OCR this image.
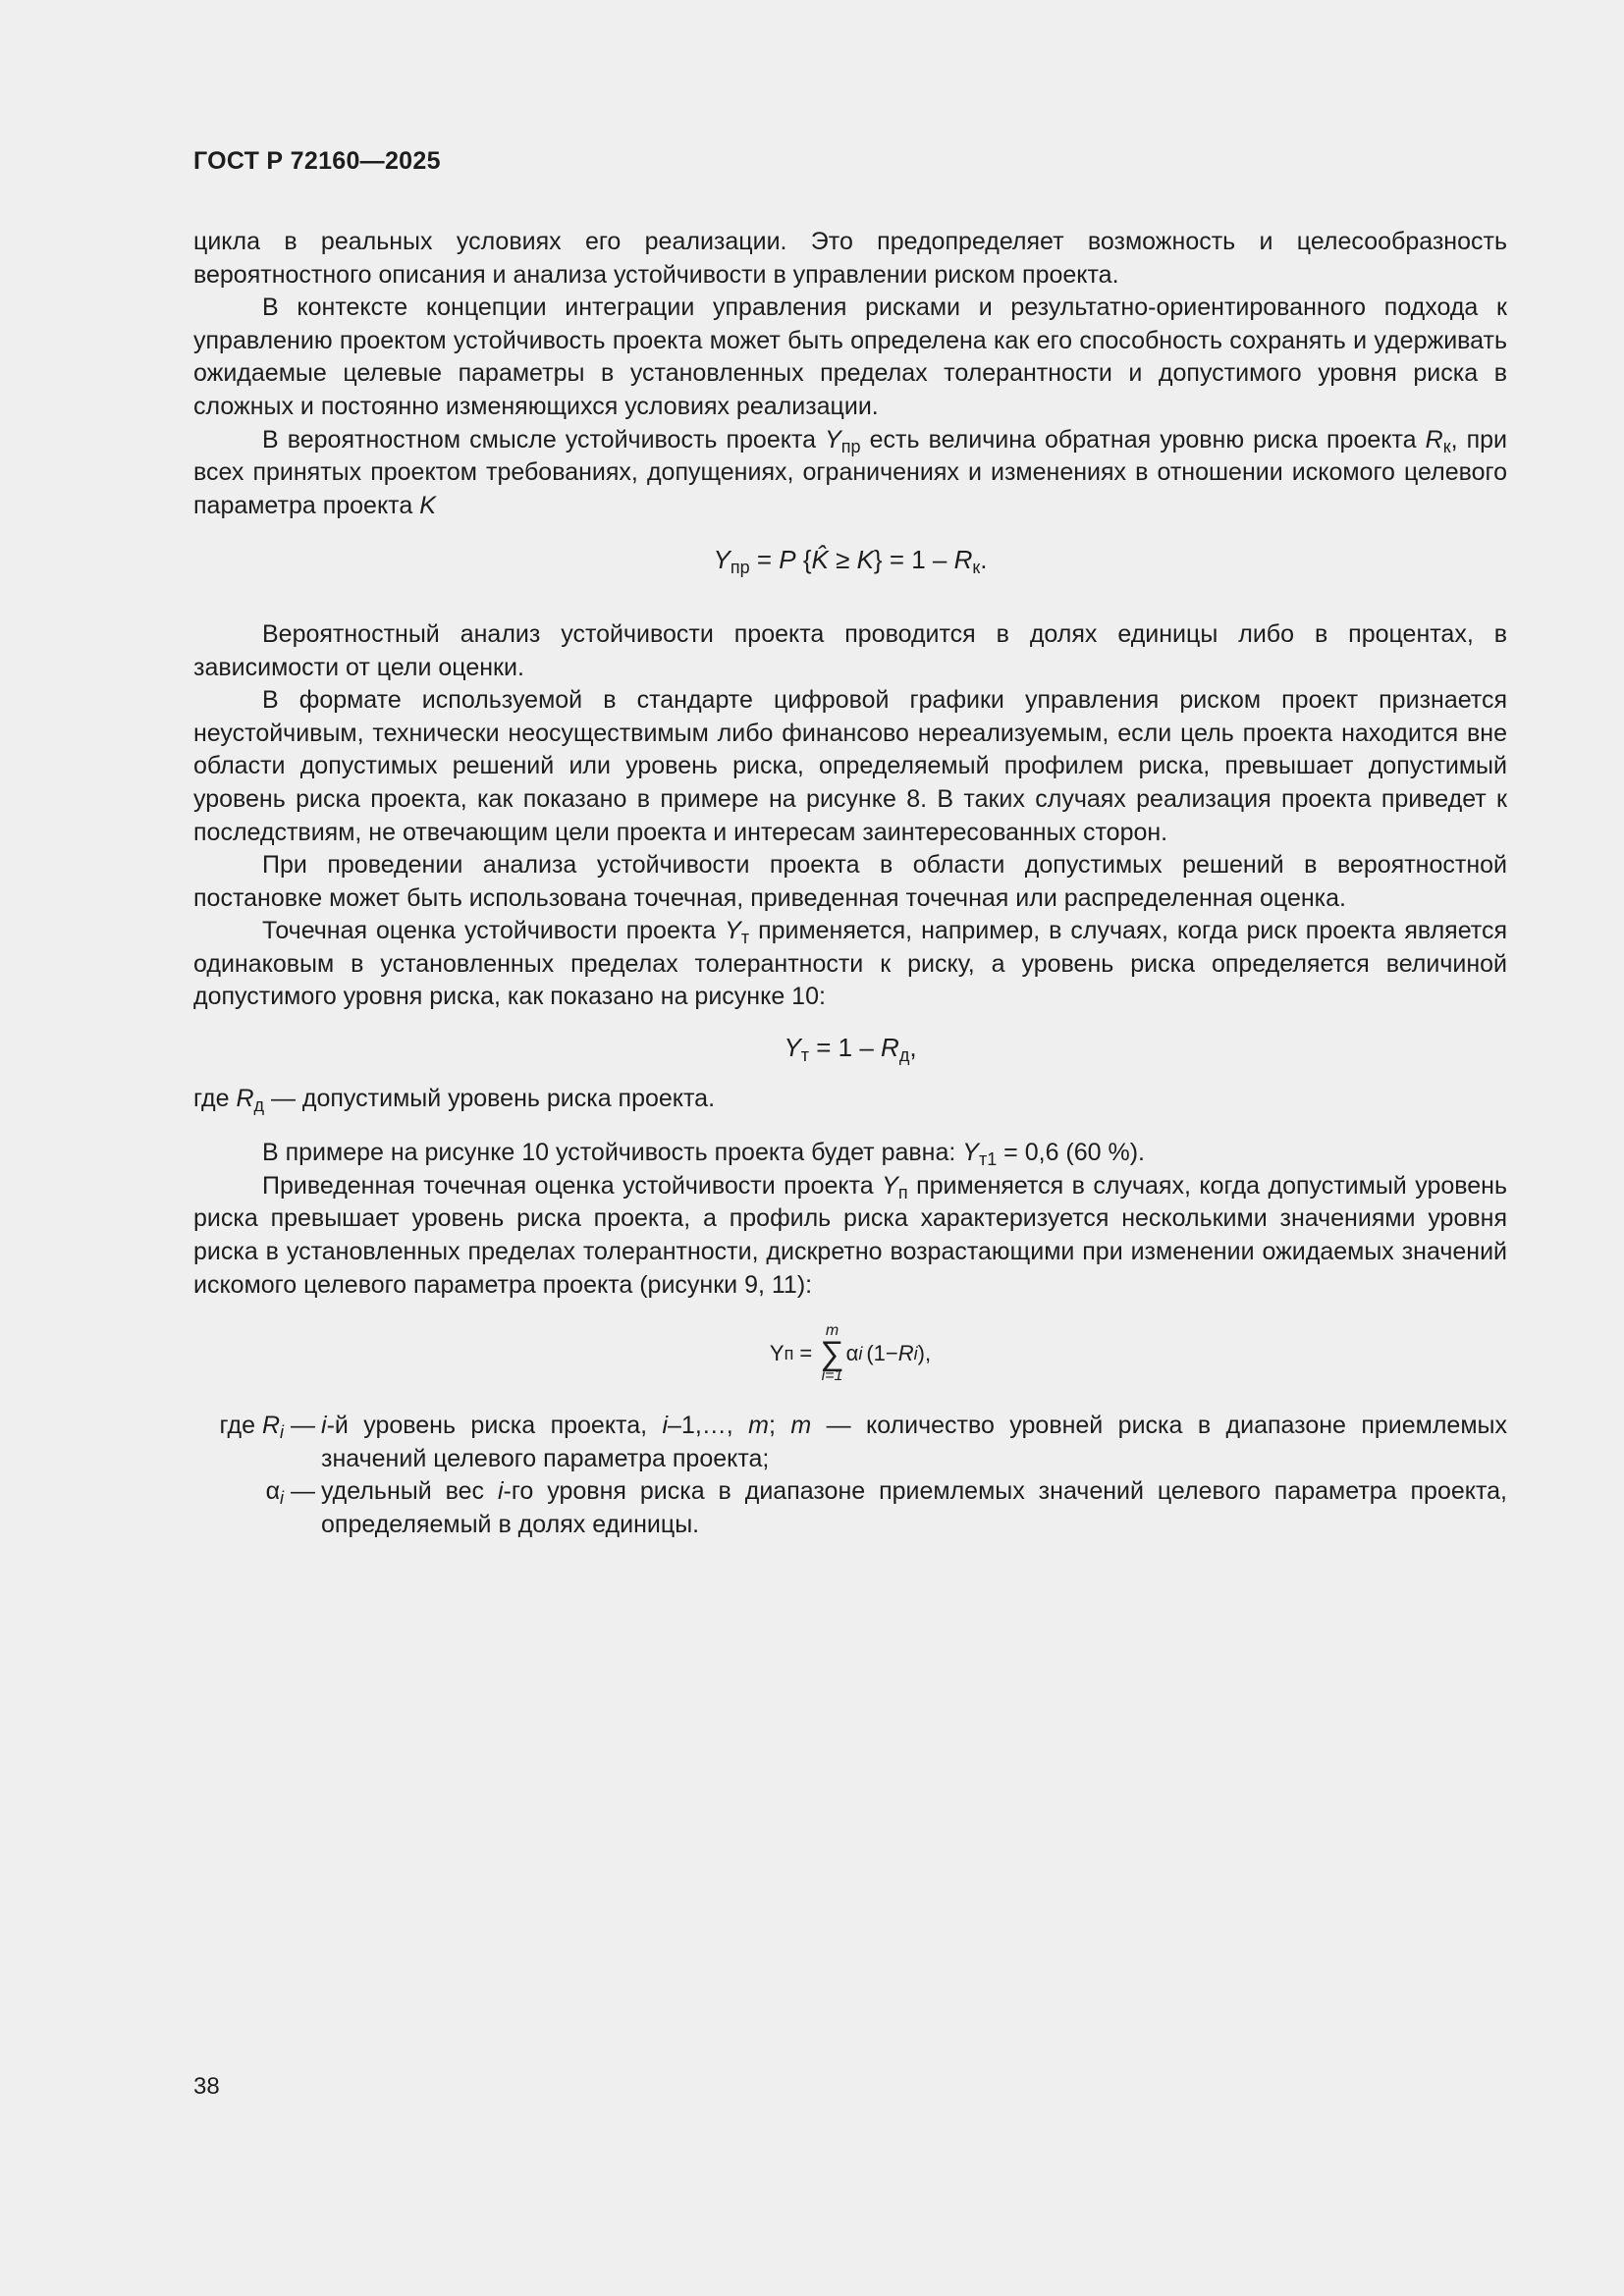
ГОСТ Р 72160—2025

цикла в реальных условиях его реализации. Это предопределяет возможность и целесообразность вероятностного описания и анализа устойчивости в управлении риском проекта.

В контексте концепции интеграции управления рисками и результатно-ориентированного подхода к управлению проектом устойчивость проекта может быть определена как его способность сохранять и удерживать ожидаемые целевые параметры в установленных пределах толерантности и допустимого уровня риска в сложных и постоянно изменяющихся условиях реализации.

В вероятностном смысле устойчивость проекта $Y_{пр}$ есть величина обратная уровню риска проекта $R_к$, при всех принятых проектом требованиях, допущениях, ограничениях и изменениях в отношении искомого целевого параметра проекта K

$Y_{пр} = P$ {K̂ ≥ $K\} = 1 - R_к$.

Вероятностный анализ устойчивости проекта проводится в долях единицы либо в процентах, в зависимости от цели оценки.

В формате используемой в стандарте цифровой графики управления риском проект признается неустойчивым, технически неосуществимым либо финансово нереализуемым, если цель проекта находится вне области допустимых решений или уровень риска, определяемый профилем риска, превышает допустимый уровень риска проекта, как показано в примере на рисунке 8. В таких случаях реализация проекта приведет к последствиям, не отвечающим цели проекта и интересам заинтересованных сторон.

При проведении анализа устойчивости проекта в области допустимых решений в вероятностной постановке может быть использована точечная, приведенная точечная или распределенная оценка.

Точечная оценка устойчивости проекта $Y_т$ применяется, например, в случаях, когда риск проекта является одинаковым в установленных пределах толерантности к риску, а уровень риска определяется величиной допустимого уровня риска, как показано на рисунке 10:

$Y_т = 1 - R_д$,

где $R_д$ — допустимый уровень риска проекта.

В примере на рисунке 10 устойчивость проекта будет равна: $Y_{т1} = 0,6$ (60 %).

Приведенная точечная оценка устойчивости проекта $Y_п$ применяется в случаях, когда допустимый уровень риска превышает уровень риска проекта, а профиль риска характеризуется несколькими значениями уровня риска в установленных пределах толерантности, дискретно возрастающими при изменении ожидаемых значений искомого целевого параметра проекта (рисунки 9, 11):

Y п =
m
∑
i=1
α i (1− R i ),
где $R_i$ — i-й уровень риска проекта, i–1,…, m; m — количество уровней риска в диапазоне приемлемых значений целевого параметра проекта;
$\alpha_i$ — удельный вес i-го уровня риска в диапазоне приемлемых значений целевого параметра проекта, определяемый в долях единицы.
38
